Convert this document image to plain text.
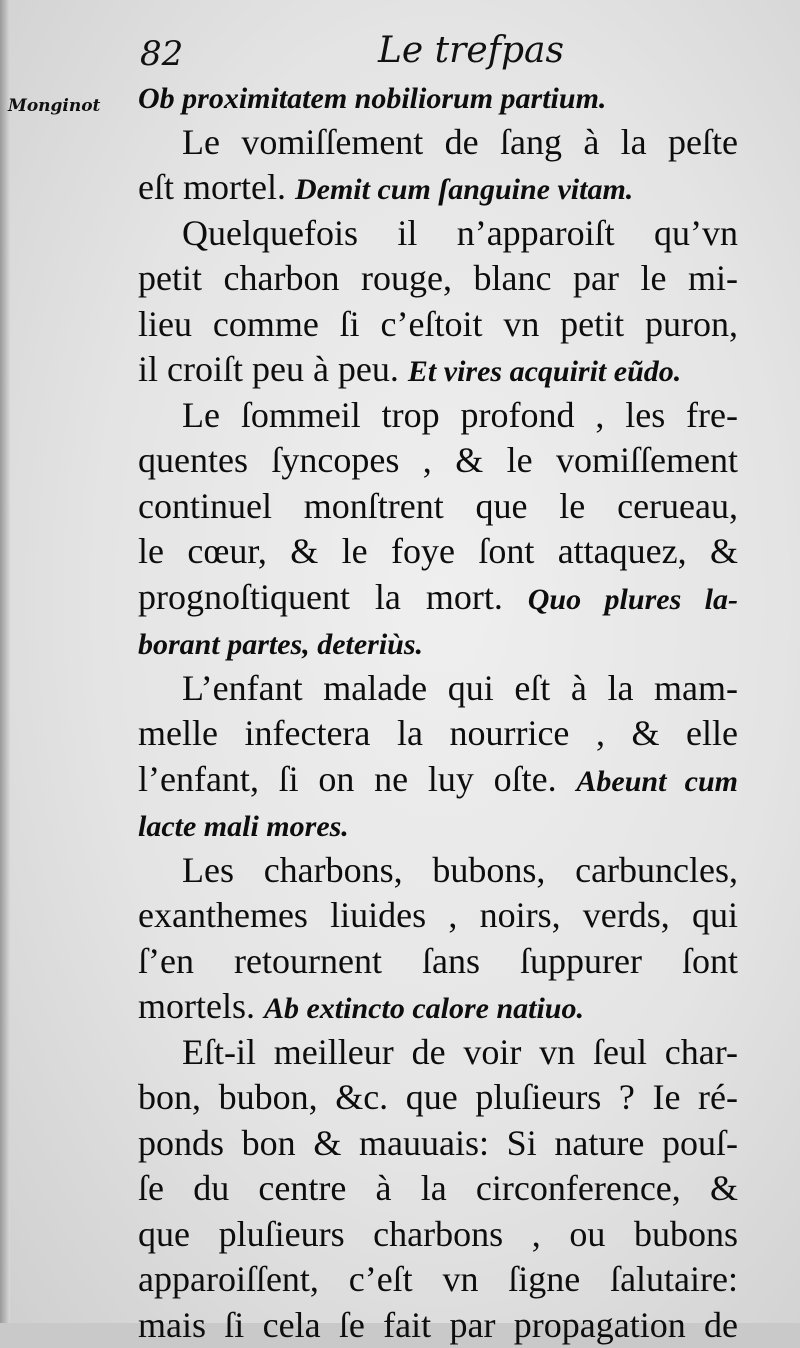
82	Le trefpas
Monginot Ob proximitatem nobiliorum partium.
Le vomiſſement de ſang à la peſte
eſt mortel. Demit cum ſanguine vitam.
Quelquefois il n’apparoiſt qu’vn
petit charbon rouge, blanc par le mi-
lieu comme ſi c’eſtoit vn petit puron,
il croiſt peu à peu. Et vires acquirit eũdo.
Le ſommeil trop profond , les fre-
quentes ſyncopes , & le vomiſſement
continuel monſtrent que le cerueau,
le cœur, & le foye ſont attaquez, &
prognoſtiquent la mort. Quo plures la-
borant partes, deteriùs.
L’enfant malade qui eſt à la mam-
melle infectera la nourrice , & elle
l’enfant, ſi on ne luy oſte. Abeunt cum
lacte mali mores.
Les charbons, bubons, carbuncles,
exanthemes liuides , noirs, verds, qui
ſ’en retournent ſans ſuppurer ſont
mortels. Ab extincto calore natiuo.
Eſt-il meilleur de voir vn ſeul char-
bon, bubon, &c. que pluſieurs ? Ie ré-
ponds bon & mauuais: Si nature pouſ-
ſe du centre à la circonference, &
que pluſieurs charbons , ou bubons
apparoiſſent, c’eſt vn ſigne ſalutaire:
mais ſi cela ſe fait par propagation de
